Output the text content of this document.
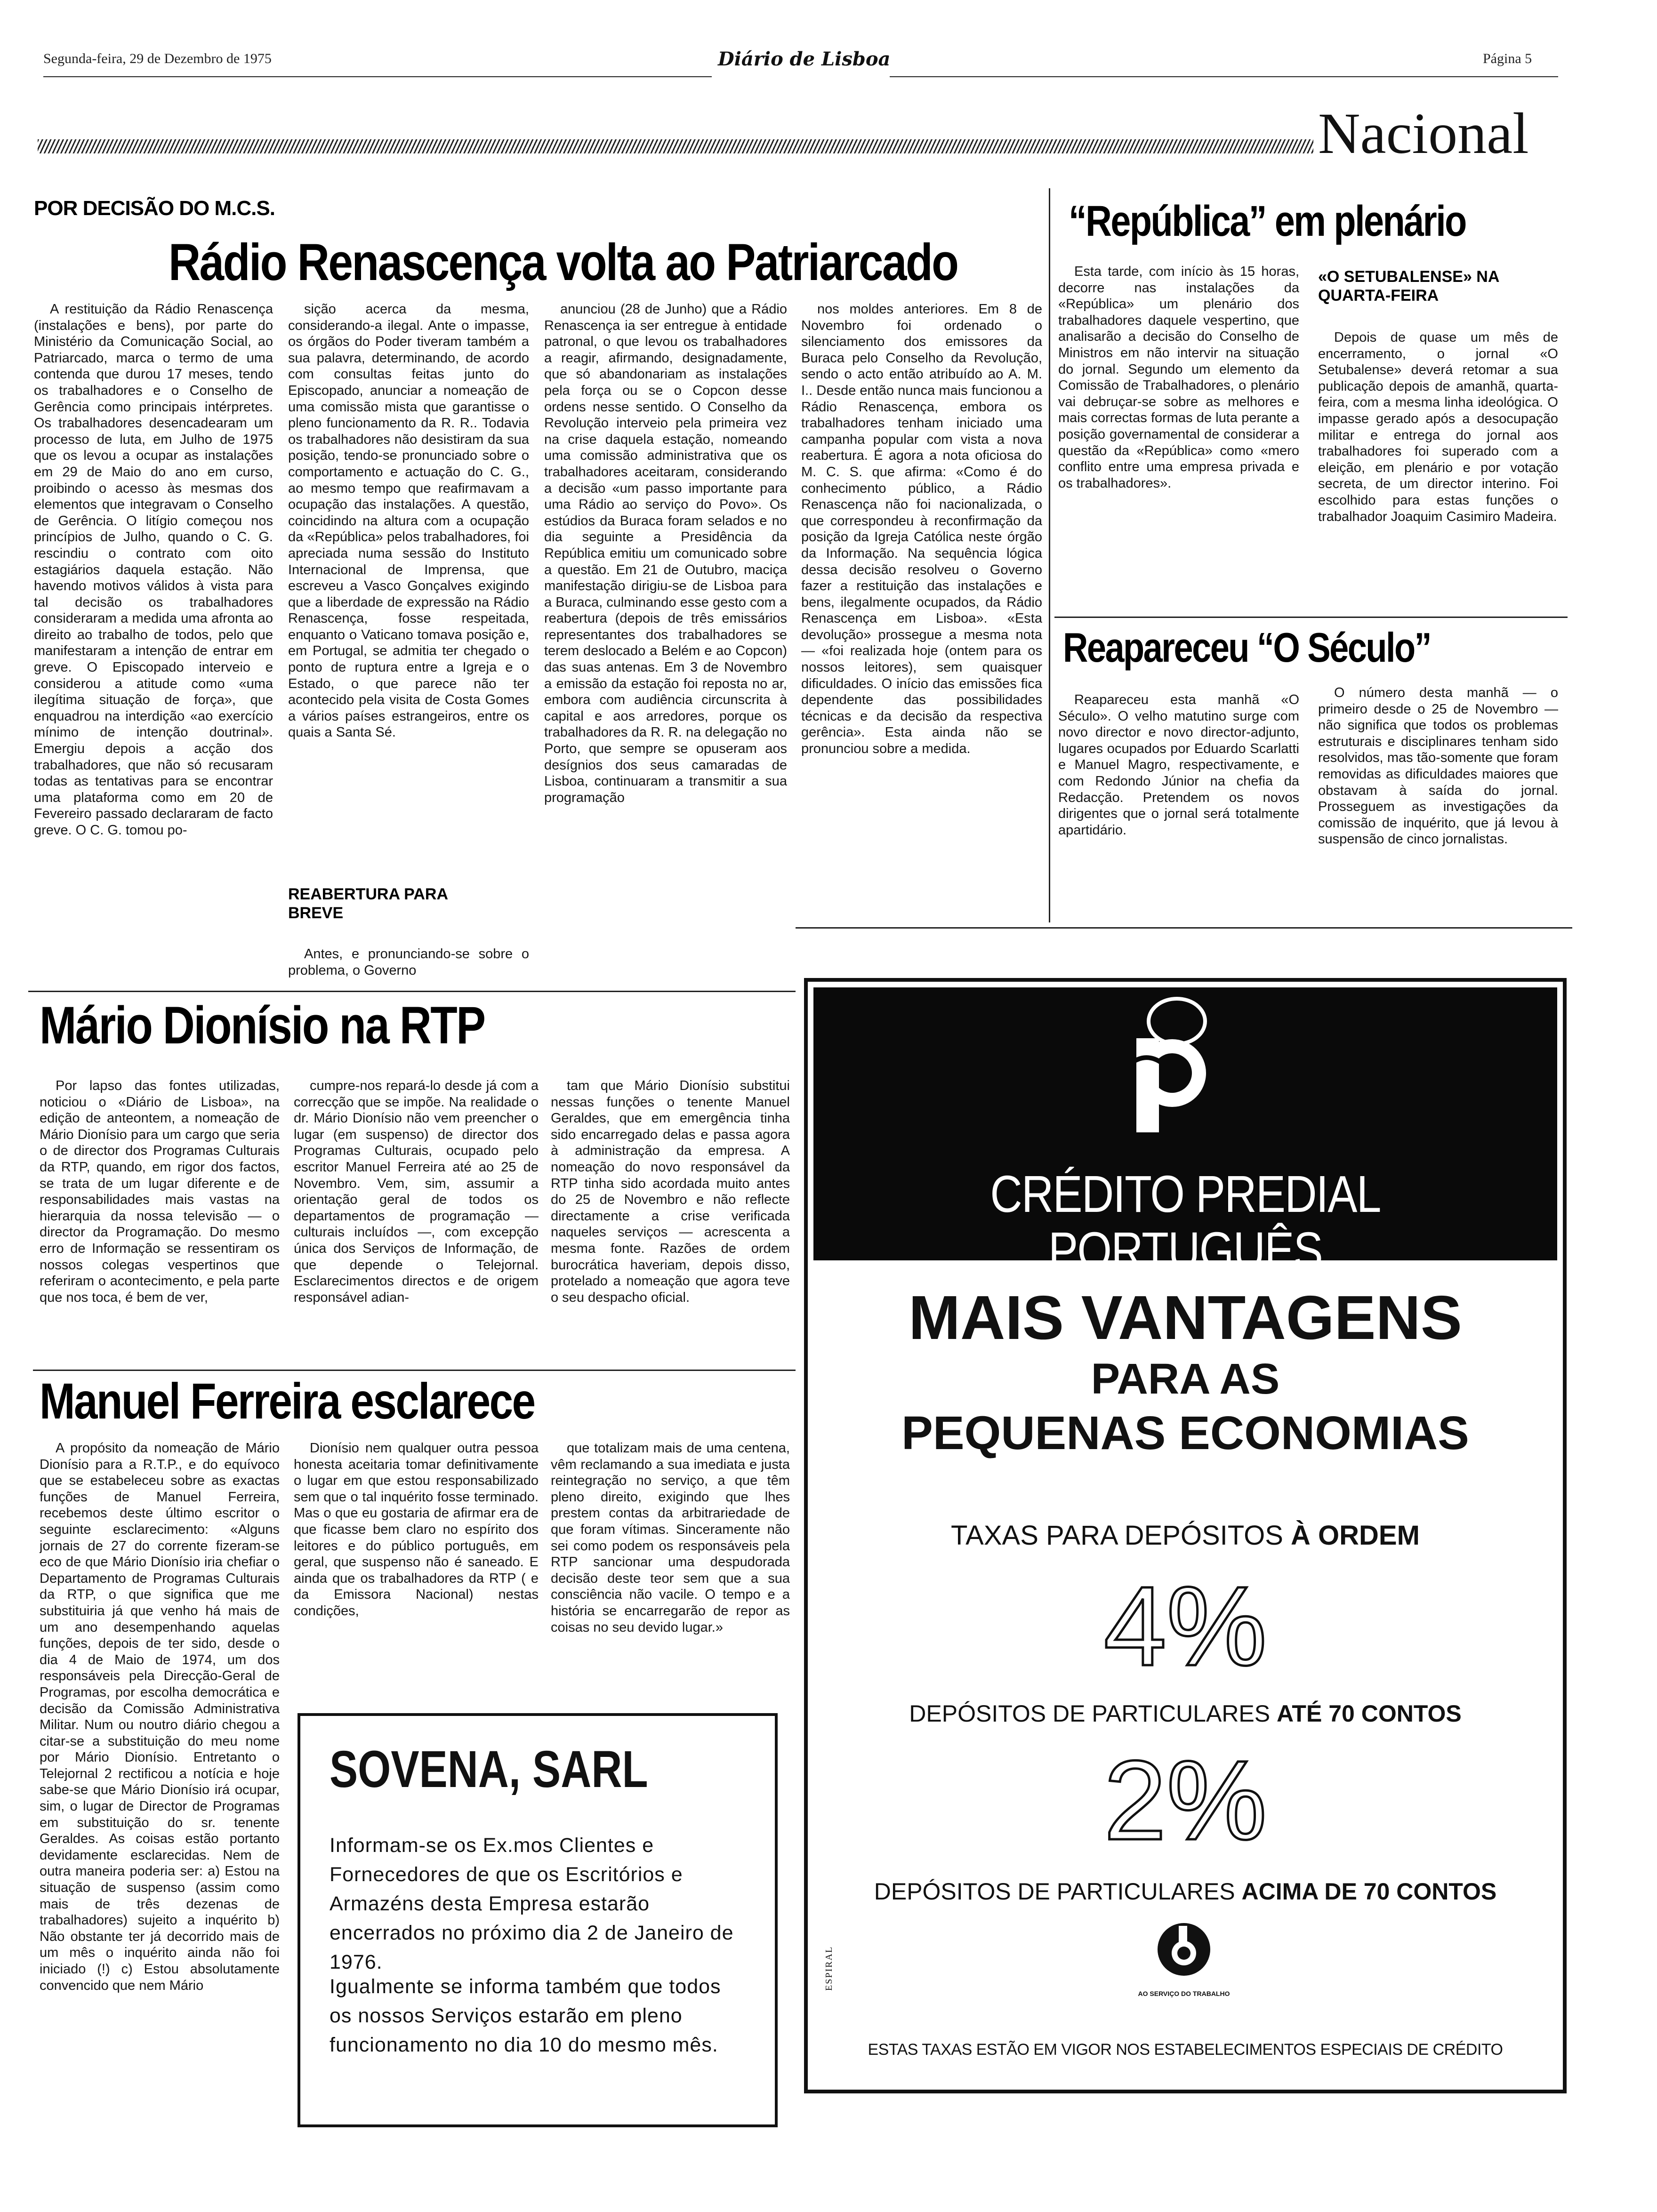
Segunda-feira, 29 de Dezembro de 1975	Diário de Lisboa	Página 5
Nacional
POR DECISÃO DO M.C.S.
Rádio Renascença volta ao Patriarcado

A restituição da Rádio Renascença (instalações e bens), por parte do Ministério da Comunicação Social, ao Patriarcado, marca o termo de uma contenda que durou 17 meses, tendo os trabalhadores e o Conselho de Gerência como principais intérpretes. Os trabalhadores desencadearam um processo de luta, em Julho de 1975 que os levou a ocupar as instalações em 29 de Maio do ano em curso, proibindo o acesso às mesmas dos elementos que integravam o Conselho de Gerência. O litígio começou nos princípios de Julho, quando o C. G. rescindiu o contrato com oito estagiários daquela estação. Não havendo motivos válidos à vista para tal decisão os trabalhadores consideraram a medida uma afronta ao direito ao trabalho de todos, pelo que manifestaram a intenção de entrar em greve. O Episcopado interveio e considerou a atitude como «uma ilegítima situação de força», que enquadrou na interdição «ao exercício mínimo de intenção doutrinal». Emergiu depois a acção dos trabalhadores, que não só recusaram todas as tentativas para se encontrar uma plataforma como em 20 de Fevereiro passado declararam de facto greve. O C. G. tomou po-

sição acerca da mesma, considerando-a ilegal. Ante o impasse, os órgãos do Poder tiveram também a sua palavra, determinando, de acordo com consultas feitas junto do Episcopado, anunciar a nomeação de uma comissão mista que garantisse o pleno funcionamento da R. R.. Todavia os trabalhadores não desistiram da sua posição, tendo-se pronunciado sobre o comportamento e actuação do C. G., ao mesmo tempo que reafirmavam a ocupação das instalações. A questão, coincidindo na altura com a ocupação da «República» pelos trabalhadores, foi apreciada numa sessão do Instituto Internacional de Imprensa, que escreveu a Vasco Gonçalves exigindo que a liberdade de expressão na Rádio Renascença, fosse respeitada, enquanto o Vaticano tomava posição e, em Portugal, se admitia ter chegado o ponto de ruptura entre a Igreja e o Estado, o que parece não ter acontecido pela visita de Costa Gomes a vários países estrangeiros, entre os quais a Santa Sé.

REABERTURA PARA BREVE

Antes, e pronunciando-se sobre o problema, o Governo

anunciou (28 de Junho) que a Rádio Renascença ia ser entregue à entidade patronal, o que levou os trabalhadores a reagir, afirmando, designadamente, que só abandonariam as instalações pela força ou se o Copcon desse ordens nesse sentido. O Conselho da Revolução interveio pela primeira vez na crise daquela estação, nomeando uma comissão administrativa que os trabalhadores aceitaram, considerando a decisão «um passo importante para uma Rádio ao serviço do Povo». Os estúdios da Buraca foram selados e no dia seguinte a Presidência da República emitiu um comunicado sobre a questão. Em 21 de Outubro, maciça manifestação dirigiu-se de Lisboa para a Buraca, culminando esse gesto com a reabertura (depois de três emissários representantes dos trabalhadores se terem deslocado a Belém e ao Copcon) das suas antenas. Em 3 de Novembro a emissão da estação foi reposta no ar, embora com audiência circunscrita à capital e aos arredores, porque os trabalhadores da R. R. na delegação no Porto, que sempre se opuseram aos desígnios dos seus camaradas de Lisboa, continuaram a transmitir a sua programação

nos moldes anteriores. Em 8 de Novembro foi ordenado o silenciamento dos emissores da Buraca pelo Conselho da Revolução, sendo o acto então atribuído ao A. M. I.. Desde então nunca mais funcionou a Rádio Renascença, embora os trabalhadores tenham iniciado uma campanha popular com vista a nova reabertura. É agora a nota oficiosa do M. C. S. que afirma: «Como é do conhecimento público, a Rádio Renascença não foi nacionalizada, o que correspondeu à reconfirmação da posição da Igreja Católica neste órgão da Informação. Na sequência lógica dessa decisão resolveu o Governo fazer a restituição das instalações e bens, ilegalmente ocupados, da Rádio Renascença em Lisboa». «Esta devolução» prossegue a mesma nota — «foi realizada hoje (ontem para os nossos leitores), sem quaisquer dificuldades. O início das emissões fica dependente das possibilidades técnicas e da decisão da respectiva gerência». Esta ainda não se pronunciou sobre a medida.

“República” em plenário

Esta tarde, com início às 15 horas, decorre nas instalações da «República» um plenário dos trabalhadores daquele vespertino, que analisarão a decisão do Conselho de Ministros em não intervir na situação do jornal. Segundo um elemento da Comissão de Trabalhadores, o plenário vai debruçar-se sobre as melhores e mais correctas formas de luta perante a posição governamental de considerar a questão da «República» como «mero conflito entre uma empresa privada e os trabalhadores».

«O SETUBALENSE» NA QUARTA-FEIRA

Depois de quase um mês de encerramento, o jornal «O Setubalense» deverá retomar a sua publicação depois de amanhã, quarta-feira, com a mesma linha ideológica. O impasse gerado após a desocupação militar e entrega do jornal aos trabalhadores foi superado com a eleição, em plenário e por votação secreta, de um director interino. Foi escolhido para estas funções o trabalhador Joaquim Casimiro Madeira.

Reapareceu “O Século”

Reapareceu esta manhã «O Século». O velho matutino surge com novo director e novo director-adjunto, lugares ocupados por Eduardo Scarlatti e Manuel Magro, respectivamente, e com Redondo Júnior na chefia da Redacção. Pretendem os novos dirigentes que o jornal será totalmente apartidário.

O número desta manhã — o primeiro desde o 25 de Novembro — não significa que todos os problemas estruturais e disciplinares tenham sido resolvidos, mas tão-somente que foram removidas as dificuldades maiores que obstavam à saída do jornal. Prosseguem as investigações da comissão de inquérito, que já levou à suspensão de cinco jornalistas.

Mário Dionísio na RTP

Por lapso das fontes utilizadas, noticiou o «Diário de Lisboa», na edição de anteontem, a nomeação de Mário Dionísio para um cargo que seria o de director dos Programas Culturais da RTP, quando, em rigor dos factos, se trata de um lugar diferente e de responsabilidades mais vastas na hierarquia da nossa televisão — o director da Programação. Do mesmo erro de Informação se ressentiram os nossos colegas vespertinos que referiram o acontecimento, e pela parte que nos toca, é bem de ver,

cumpre-nos repará-lo desde já com a correcção que se impõe. Na realidade o dr. Mário Dionísio não vem preencher o lugar (em suspenso) de director dos Programas Culturais, ocupado pelo escritor Manuel Ferreira até ao 25 de Novembro. Vem, sim, assumir a orientação geral de todos os departamentos de programação — culturais incluídos —, com excepção única dos Serviços de Informação, de que depende o Telejornal. Esclarecimentos directos e de origem responsável adian-

tam que Mário Dionísio substitui nessas funções o tenente Manuel Geraldes, que em emergência tinha sido encarregado delas e passa agora à administração da empresa. A nomeação do novo responsável da RTP tinha sido acordada muito antes do 25 de Novembro e não reflecte directamente a crise verificada naqueles serviços — acrescenta a mesma fonte. Razões de ordem burocrática haveriam, depois disso, protelado a nomeação que agora teve o seu despacho oficial.

Manuel Ferreira esclarece

A propósito da nomeação de Mário Dionísio para a R.T.P., e do equívoco que se estabeleceu sobre as exactas funções de Manuel Ferreira, recebemos deste último escritor o seguinte esclarecimento: «Alguns jornais de 27 do corrente fizeram-se eco de que Mário Dionísio iria chefiar o Departamento de Programas Culturais da RTP, o que significa que me substituiria já que venho há mais de um ano desempenhando aquelas funções, depois de ter sido, desde o dia 4 de Maio de 1974, um dos responsáveis pela Direcção-Geral de Programas, por escolha democrática e decisão da Comissão Administrativa Militar. Num ou noutro diário chegou a citar-se a substituição do meu nome por Mário Dionísio. Entretanto o Telejornal 2 rectificou a notícia e hoje sabe-se que Mário Dionísio irá ocupar, sim, o lugar de Director de Programas em substituição do sr. tenente Geraldes. As coisas estão portanto devidamente esclarecidas. Nem de outra maneira poderia ser: a) Estou na situação de suspenso (assim como mais de três dezenas de trabalhadores) sujeito a inquérito b) Não obstante ter já decorrido mais de um mês o inquérito ainda não foi iniciado (!) c) Estou absolutamente convencido que nem Mário

Dionísio nem qualquer outra pessoa honesta aceitaria tomar definitivamente o lugar em que estou responsabilizado sem que o tal inquérito fosse terminado. Mas o que eu gostaria de afirmar era de que ficasse bem claro no espírito dos leitores e do público português, em geral, que suspenso não é saneado. E ainda que os trabalhadores da RTP ( e da Emissora Nacional) nestas condições,

que totalizam mais de uma centena, vêm reclamando a sua imediata e justa reintegração no serviço, a que têm pleno direito, exigindo que lhes prestem contas da arbitrariedade de que foram vítimas. Sinceramente não sei como podem os responsáveis pela RTP sancionar uma despudorada decisão deste teor sem que a sua consciência não vacile. O tempo e a história se encarregarão de repor as coisas no seu devido lugar.»

SOVENA, SARL
Informam-se os Ex.mos Clientes e Fornecedores de que os Escritórios e Armazéns desta Empresa estarão encerrados no próximo dia 2 de Janeiro de 1976.
Igualmente se informa também que todos os nossos Serviços estarão em pleno funcionamento no dia 10 do mesmo mês.
CRÉDITO PREDIAL PORTUGUÊS
MAIS VANTAGENS
PARA AS
PEQUENAS ECONOMIAS
TAXAS PARA DEPÓSITOS À ORDEM
4%
DEPÓSITOS DE PARTICULARES ATÉ 70 CONTOS
2%
DEPÓSITOS DE PARTICULARES ACIMA DE 70 CONTOS
ESPIRAL
AO SERVIÇO DO TRABALHO
ESTAS TAXAS ESTÃO EM VIGOR NOS ESTABELECIMENTOS ESPECIAIS DE CRÉDITO
